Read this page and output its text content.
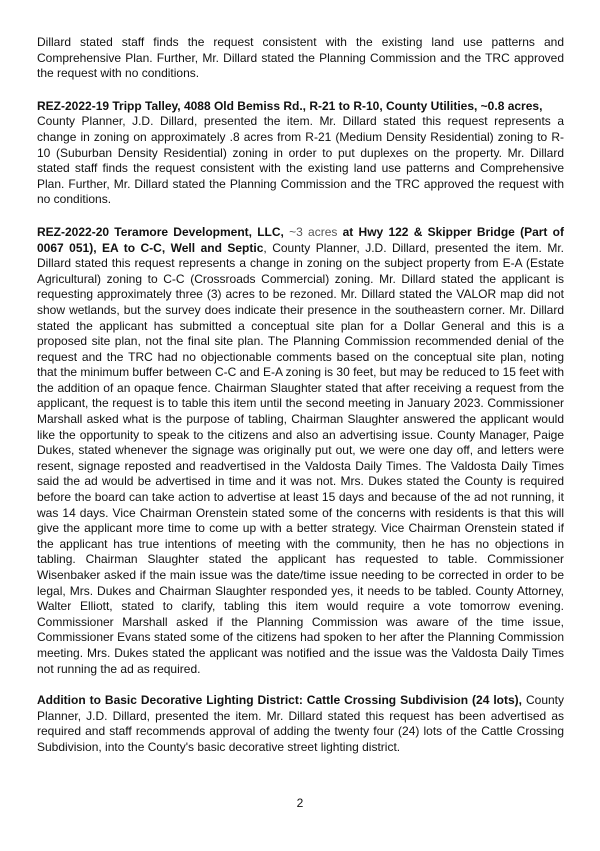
Dillard stated staff finds the request consistent with the existing land use patterns and Comprehensive Plan. Further, Mr. Dillard stated the Planning Commission and the TRC approved the request with no conditions.

REZ-2022-19 Tripp Talley, 4088 Old Bemiss Rd., R-21 to R-10, County Utilities, ~0.8 acres,
County Planner, J.D. Dillard, presented the item. Mr. Dillard stated this request represents a change in zoning on approximately .8 acres from R-21 (Medium Density Residential) zoning to R-10 (Suburban Density Residential) zoning in order to put duplexes on the property. Mr. Dillard stated staff finds the request consistent with the existing land use patterns and Comprehensive Plan. Further, Mr. Dillard stated the Planning Commission and the TRC approved the request with no conditions.

REZ-2022-20 Teramore Development, LLC, ~3 acres at Hwy 122 & Skipper Bridge (Part of 0067 051), EA to C-C, Well and Septic, County Planner, J.D. Dillard, presented the item. Mr. Dillard stated this request represents a change in zoning on the subject property from E-A (Estate Agricultural) zoning to C-C (Crossroads Commercial) zoning. Mr. Dillard stated the applicant is requesting approximately three (3) acres to be rezoned. Mr. Dillard stated the VALOR map did not show wetlands, but the survey does indicate their presence in the southeastern corner. Mr. Dillard stated the applicant has submitted a conceptual site plan for a Dollar General and this is a proposed site plan, not the final site plan. The Planning Commission recommended denial of the request and the TRC had no objectionable comments based on the conceptual site plan, noting that the minimum buffer between C-C and E-A zoning is 30 feet, but may be reduced to 15 feet with the addition of an opaque fence. Chairman Slaughter stated that after receiving a request from the applicant, the request is to table this item until the second meeting in January 2023. Commissioner Marshall asked what is the purpose of tabling, Chairman Slaughter answered the applicant would like the opportunity to speak to the citizens and also an advertising issue. County Manager, Paige Dukes, stated whenever the signage was originally put out, we were one day off, and letters were resent, signage reposted and readvertised in the Valdosta Daily Times. The Valdosta Daily Times said the ad would be advertised in time and it was not. Mrs. Dukes stated the County is required before the board can take action to advertise at least 15 days and because of the ad not running, it was 14 days. Vice Chairman Orenstein stated some of the concerns with residents is that this will give the applicant more time to come up with a better strategy. Vice Chairman Orenstein stated if the applicant has true intentions of meeting with the community, then he has no objections in tabling. Chairman Slaughter stated the applicant has requested to table. Commissioner Wisenbaker asked if the main issue was the date/time issue needing to be corrected in order to be legal, Mrs. Dukes and Chairman Slaughter responded yes, it needs to be tabled. County Attorney, Walter Elliott, stated to clarify, tabling this item would require a vote tomorrow evening. Commissioner Marshall asked if the Planning Commission was aware of the time issue, Commissioner Evans stated some of the citizens had spoken to her after the Planning Commission meeting. Mrs. Dukes stated the applicant was notified and the issue was the Valdosta Daily Times not running the ad as required.

Addition to Basic Decorative Lighting District: Cattle Crossing Subdivision (24 lots), County Planner, J.D. Dillard, presented the item. Mr. Dillard stated this request has been advertised as required and staff recommends approval of adding the twenty four (24) lots of the Cattle Crossing Subdivision, into the County's basic decorative street lighting district.

2
